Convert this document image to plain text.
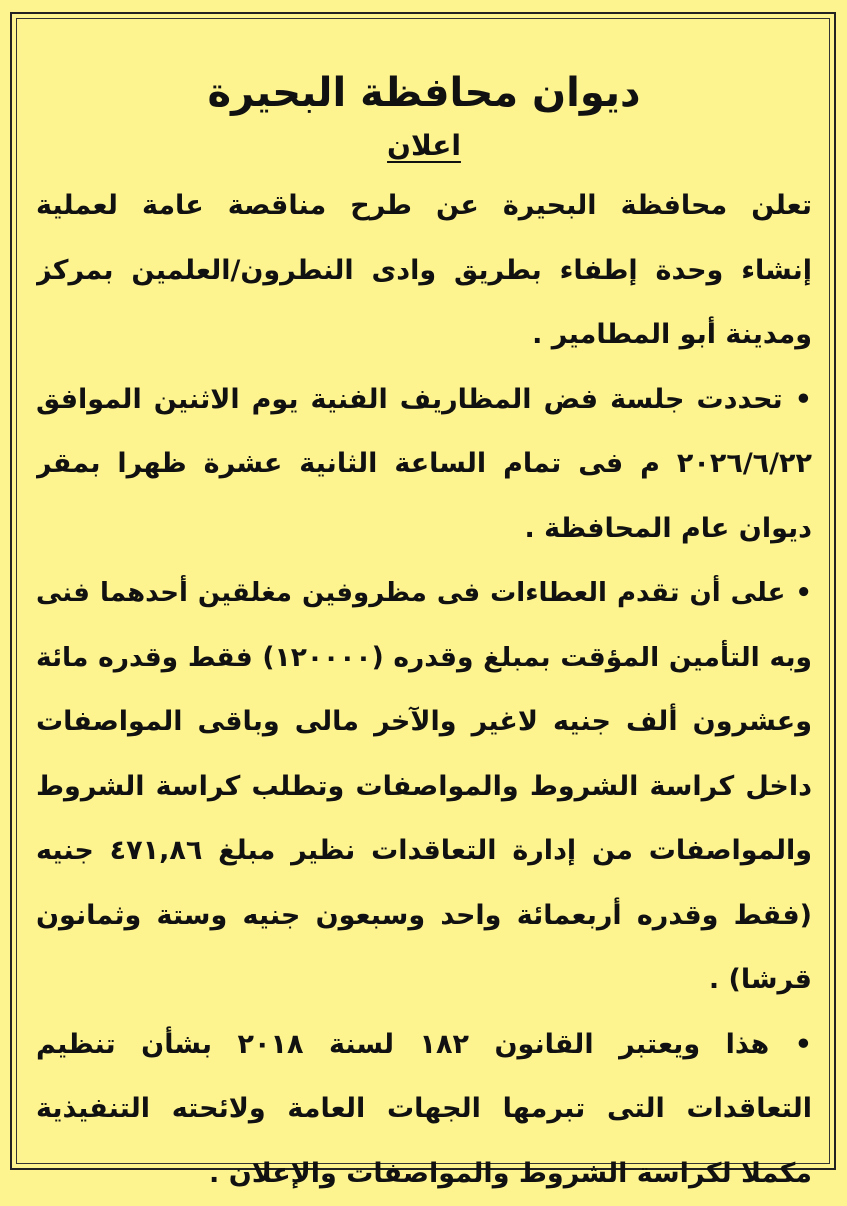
ديوان محافظة البحيرة
اعلان
تعلن محافظة البحيرة عن طرح مناقصة عامة لعملية
إنشاء وحدة إطفاء بطريق وادى النطرون/العلمين بمركز
ومدينة أبو المطامير .
• تحددت جلسة فض المظاريف الفنية يوم الاثنين الموافق
٢٠٢٦/٦/٢٢ م فى تمام الساعة الثانية عشرة ظهرا بمقر
ديوان عام المحافظة .
• على أن تقدم العطاءات فى مظروفين مغلقين أحدهما فنى
وبه التأمين المؤقت بمبلغ وقدره (١٢٠٠٠٠) فقط وقدره مائة
وعشرون ألف جنيه لاغير والآخر مالى وباقى المواصفات
داخل كراسة الشروط والمواصفات وتطلب كراسة الشروط
والمواصفات من إدارة التعاقدات نظير مبلغ ٤٧١,٨٦ جنيه
(فقط وقدره أربعمائة واحد وسبعون جنيه وستة وثمانون
قرشا) .
• هذا ويعتبر القانون ١٨٢ لسنة ٢٠١٨ بشأن تنظيم
التعاقدات التى تبرمها الجهات العامة ولائحته التنفيذية
مكملا لكراسة الشروط والمواصفات والإعلان .
